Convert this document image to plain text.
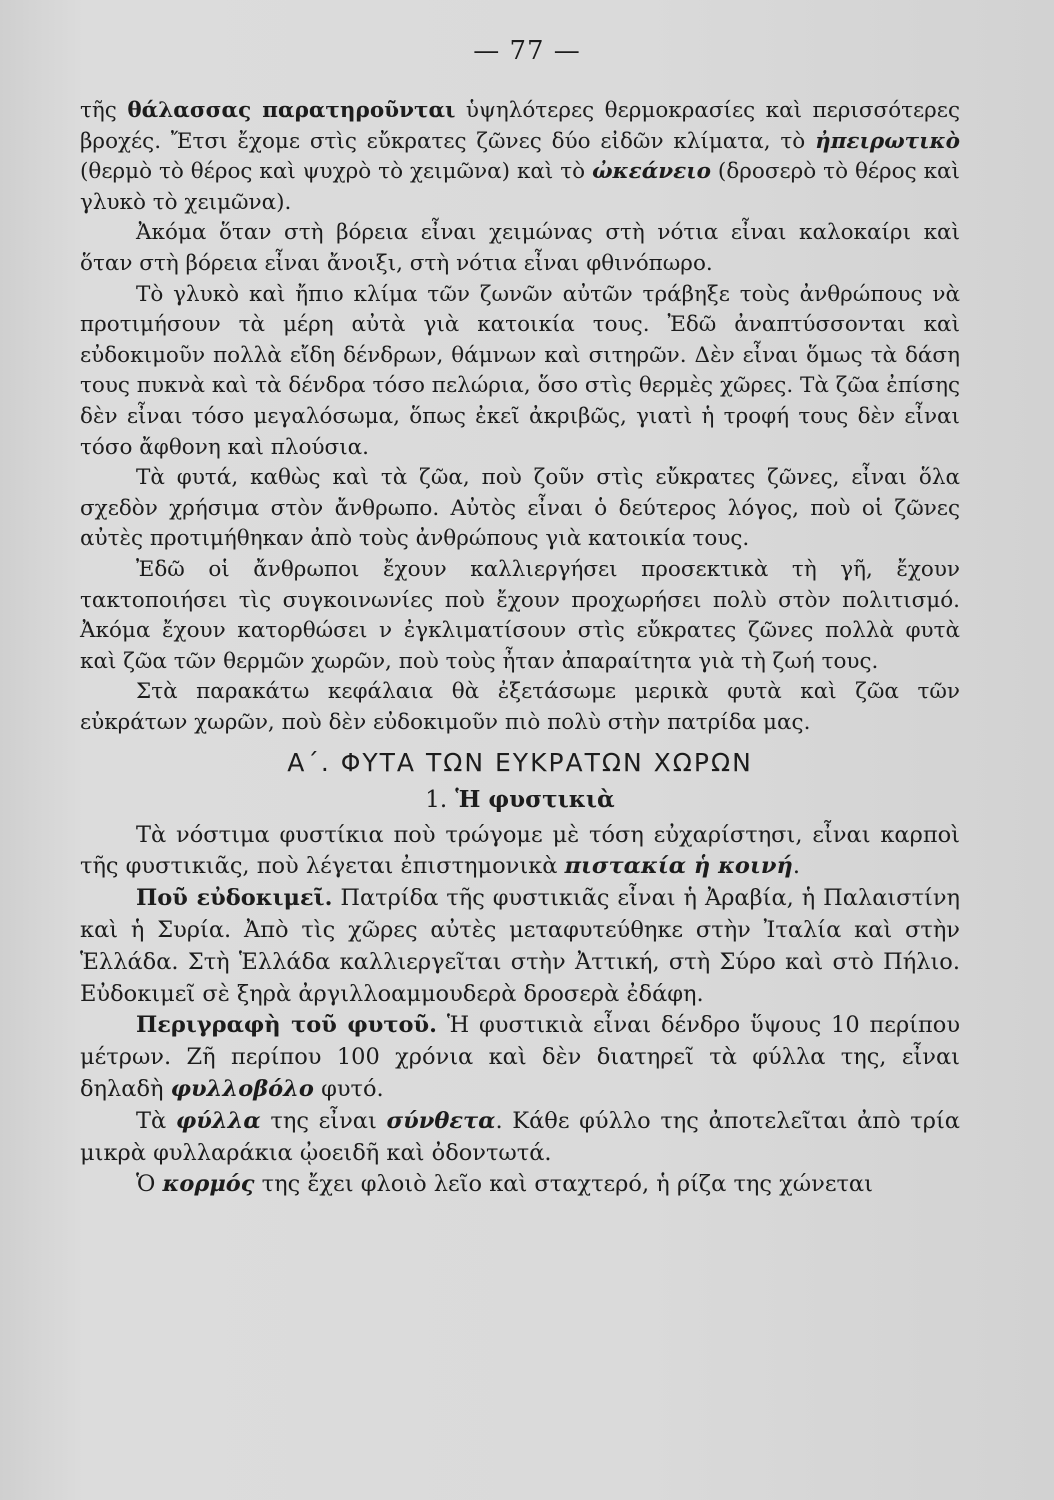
— 77 —

τῆς θάλασσας παρατηροῦνται ὑψηλότερες θερμοκρασίες καὶ περισσότερες βροχές. Ἔτσι ἔχομε στὶς εὔκρατες ζῶνες δύο εἰδῶν κλίματα, τὸ ἠπειρωτικὸ (θερμὸ τὸ θέρος καὶ ψυχρὸ τὸ χειμῶνα) καὶ τὸ ὠκεάνειο (δροσερὸ τὸ θέρος καὶ γλυκὸ τὸ χειμῶνα).

Ἀκόμα ὅταν στὴ βόρεια εἶναι χειμώνας στὴ νότια εἶναι καλοκαίρι καὶ ὅταν στὴ βόρεια εἶναι ἄνοιξι, στὴ νότια εἶναι φθινόπωρο.

Τὸ γλυκὸ καὶ ἤπιο κλίμα τῶν ζωνῶν αὐτῶν τράβηξε τοὺς ἀνθρώπους νὰ προτιμήσουν τὰ μέρη αὐτὰ γιὰ κατοικία τους. Ἐδῶ ἀναπτύσσονται καὶ εὐδοκιμοῦν πολλὰ εἴδη δένδρων, θάμνων καὶ σιτηρῶν. Δὲν εἶναι ὅμως τὰ δάση τους πυκνὰ καὶ τὰ δένδρα τόσο πελώρια, ὅσο στὶς θερμὲς χῶρες. Τὰ ζῶα ἐπίσης δὲν εἶναι τόσο μεγαλόσωμα, ὅπως ἐκεῖ ἀκριβῶς, γιατὶ ἡ τροφή τους δὲν εἶναι τόσο ἄφθονη καὶ πλούσια.

Τὰ φυτά, καθὼς καὶ τὰ ζῶα, ποὺ ζοῦν στὶς εὔκρατες ζῶνες, εἶναι ὅλα σχεδὸν χρήσιμα στὸν ἄνθρωπο. Αὐτὸς εἶναι ὁ δεύτερος λόγος, ποὺ οἱ ζῶνες αὐτὲς προτιμήθηκαν ἀπὸ τοὺς ἀνθρώπους γιὰ κατοικία τους.

Ἐδῶ οἱ ἄνθρωποι ἔχουν καλλιεργήσει προσεκτικὰ τὴ γῆ, ἔχουν τακτοποιήσει τὶς συγκοινωνίες ποὺ ἔχουν προχωρήσει πολὺ στὸν πολιτισμό. Ἀκόμα ἔχουν κατορθώσει ν ἐγκλιματίσουν στὶς εὔκρατες ζῶνες πολλὰ φυτὰ καὶ ζῶα τῶν θερμῶν χωρῶν, ποὺ τοὺς ἦταν ἀπαραίτητα γιὰ τὴ ζωή τους.

Στὰ παρακάτω κεφάλαια θὰ ἐξετάσωμε μερικὰ φυτὰ καὶ ζῶα τῶν εὐκράτων χωρῶν, ποὺ δὲν εὐδοκιμοῦν πιὸ πολὺ στὴν πατρίδα μας.

Α΄. ΦΥΤΑ ΤΩΝ ΕΥΚΡΑΤΩΝ ΧΩΡΩΝ
1. Ἡ φυστικιὰ

Τὰ νόστιμα φυστίκια ποὺ τρώγομε μὲ τόση εὐχαρίστησι, εἶναι καρποὶ τῆς φυστικιᾶς, ποὺ λέγεται ἐπιστημονικὰ πιστακία ἡ κοινή.

Ποῦ εὐδοκιμεῖ. Πατρίδα τῆς φυστικιᾶς εἶναι ἡ Ἀραβία, ἡ Παλαιστίνη καὶ ἡ Συρία. Ἀπὸ τὶς χῶρες αὐτὲς μεταφυτεύθηκε στὴν Ἰταλία καὶ στὴν Ἑλλάδα. Στὴ Ἑλλάδα καλλιεργεῖται στὴν Ἀττική, στὴ Σύρο καὶ στὸ Πήλιο. Εὐδοκιμεῖ σὲ ξηρὰ ἀργιλλοαμμουδερὰ δροσερὰ ἐδάφη.

Περιγραφὴ τοῦ φυτοῦ. Ἡ φυστικιὰ εἶναι δένδρο ὕψους 10 περίπου μέτρων. Ζῆ περίπου 100 χρόνια καὶ δὲν διατηρεῖ τὰ φύλλα της, εἶναι δηλαδὴ φυλλοβόλο φυτό.

Τὰ φύλλα της εἶναι σύνθετα. Κάθε φύλλο της ἀποτελεῖται ἀπὸ τρία μικρὰ φυλλαράκια ᾠοειδῆ καὶ ὀδοντωτά.

Ὁ κορμός της ἔχει φλοιὸ λεῖο καὶ σταχτερό, ἡ ρίζα της χώνεται
